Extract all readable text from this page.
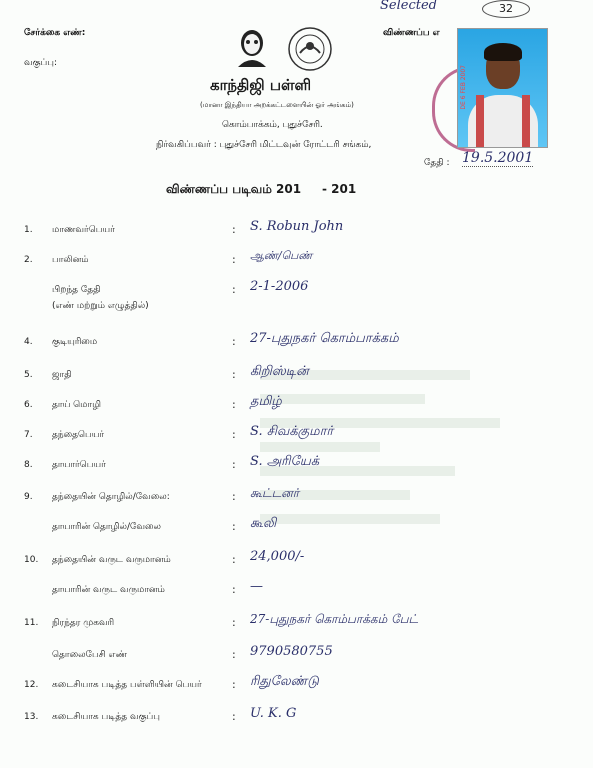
Selected	32
சேர்க்கை எண்:	விண்ணப்ப எ
வகுப்பு:
காந்திஜி பள்ளி
(மானா இந்தியா அறக்கட்டளையின் ஓர் அங்கம்)
கொம்பாக்கம், புதுச்சேரி.
நிர்வகிப்பவர் : புதுச்சேரி மிட்டவுன் ரோட்டரி சங்கம்,
DE 6 FEB 2007
தேதி : 19.5.2001
விண்ணப்ப படிவம் 201     - 201
1. மாணவர்பெயர்	: S. Robun John
2. பாலினம்	: ஆண்/பெண்
பிறந்த தேதி
(எண் மற்றும் எழுத்தில்)
: 2-1-2006
4. குடியுரிமை	: 27-புதுநகர் கொம்பாக்கம்
5. ஜாதி	: கிறிஸ்டின்
6. தாய் மொழி	: தமிழ்
7. தந்தைபெயர்	: S. சிவக்குமார்
8. தாயார்பெயர்	: S. அரியேக்
9. தந்தையின் தொழில்/வேலை:	: கூட்டனர்
தாயாரின் தொழில்/வேலை	: கூலி
10. தந்தையின் வருட வருமானம்	: 24,000/-
தாயாரின் வருட வருமானம்	: —
11. நிரந்தர முகவரி	: 27-புதுநகர் கொம்பாக்கம் பேட்
தொலைபேசி எண்	: 9790580755
12. கடைசியாக படித்த பள்ளியின் பெயர்	: ரிதுலேண்டு
13. கடைசியாக படித்த வகுப்பு	: U. K. G
